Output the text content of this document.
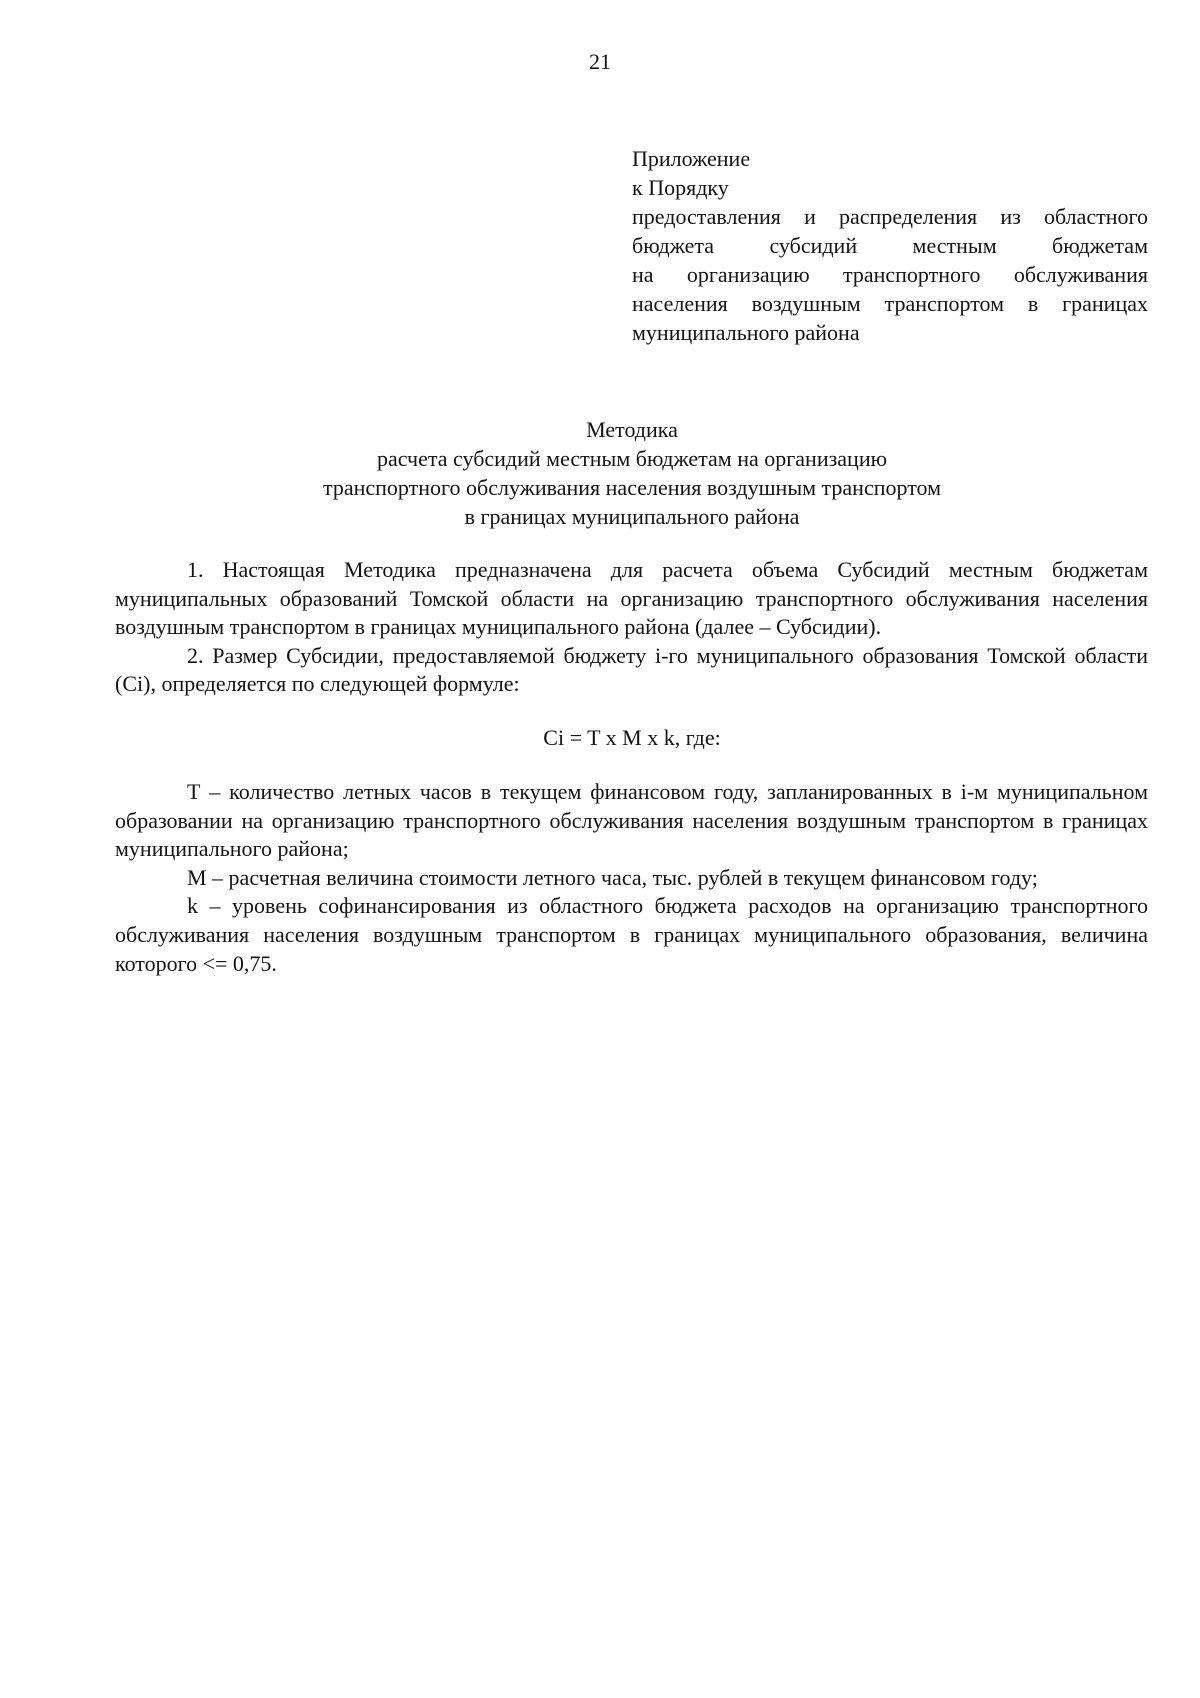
21
Приложение
к Порядку
предоставления и распределения из областного
бюджета субсидий местным бюджетам
на организацию транспортного обслуживания
населения воздушным транспортом в границах
муниципального района
Методика
расчета субсидий местным бюджетам на организацию
транспортного обслуживания населения воздушным транспортом
в границах муниципального района

1. Настоящая Методика предназначена для расчета объема Субсидий местным бюджетам муниципальных образований Томской области на организацию транспортного обслуживания населения воздушным транспортом в границах муниципального района (далее – Субсидии).

2. Размер Субсидии, предоставляемой бюджету i-го муниципального образования Томской области (Ci), определяется по следующей формуле:

Ci = T x M x k, где:

Т – количество летных часов в текущем финансовом году, запланированных в i-м муниципальном образовании на организацию транспортного обслуживания населения воздушным транспортом в границах муниципального района;

М – расчетная величина стоимости летного часа, тыс. рублей в текущем финансовом году;

k – уровень софинансирования из областного бюджета расходов на организацию транспортного обслуживания населения воздушным транспортом в границах муниципального образования, величина которого <= 0,75.
